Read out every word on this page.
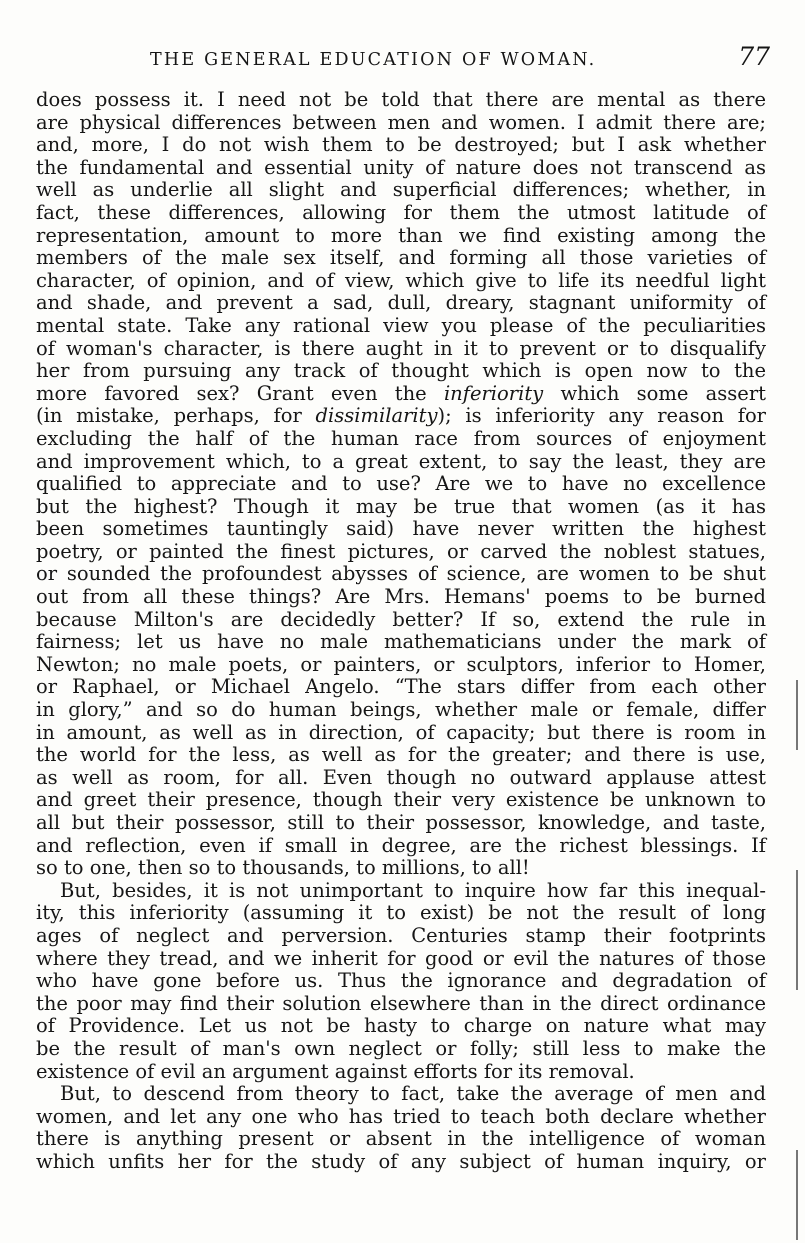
THE GENERAL EDUCATION OF WOMAN.	77
does possess it. I need not be told that there are mental as there
are physical differences between men and women. I admit there are;
and, more, I do not wish them to be destroyed; but I ask whether
the fundamental and essential unity of nature does not transcend as
well as underlie all slight and superficial differences; whether, in
fact, these differences, allowing for them the utmost latitude of
representation, amount to more than we find existing among the
members of the male sex itself, and forming all those varieties of
character, of opinion, and of view, which give to life its needful light
and shade, and prevent a sad, dull, dreary, stagnant uniformity of
mental state. Take any rational view you please of the peculiarities
of woman's character, is there aught in it to prevent or to disqualify
her from pursuing any track of thought which is open now to the
more favored sex? Grant even the inferiority which some assert
(in mistake, perhaps, for dissimilarity); is inferiority any reason for
excluding the half of the human race from sources of enjoyment
and improvement which, to a great extent, to say the least, they are
qualified to appreciate and to use? Are we to have no excellence
but the highest? Though it may be true that women (as it has
been sometimes tauntingly said) have never written the highest
poetry, or painted the finest pictures, or carved the noblest statues,
or sounded the profoundest abysses of science, are women to be shut
out from all these things? Are Mrs. Hemans' poems to be burned
because Milton's are decidedly better? If so, extend the rule in
fairness; let us have no male mathematicians under the mark of
Newton; no male poets, or painters, or sculptors, inferior to Homer,
or Raphael, or Michael Angelo. “The stars differ from each other
in glory,” and so do human beings, whether male or female, differ
in amount, as well as in direction, of capacity; but there is room in
the world for the less, as well as for the greater; and there is use,
as well as room, for all. Even though no outward applause attest
and greet their presence, though their very existence be unknown to
all but their possessor, still to their possessor, knowledge, and taste,
and reflection, even if small in degree, are the richest blessings. If
so to one, then so to thousands, to millions, to all!
But, besides, it is not unimportant to inquire how far this inequal-
ity, this inferiority (assuming it to exist) be not the result of long
ages of neglect and perversion. Centuries stamp their footprints
where they tread, and we inherit for good or evil the natures of those
who have gone before us. Thus the ignorance and degradation of
the poor may find their solution elsewhere than in the direct ordinance
of Providence. Let us not be hasty to charge on nature what may
be the result of man's own neglect or folly; still less to make the
existence of evil an argument against efforts for its removal.
But, to descend from theory to fact, take the average of men and
women, and let any one who has tried to teach both declare whether
there is anything present or absent in the intelligence of woman
which unfits her for the study of any subject of human inquiry, or
